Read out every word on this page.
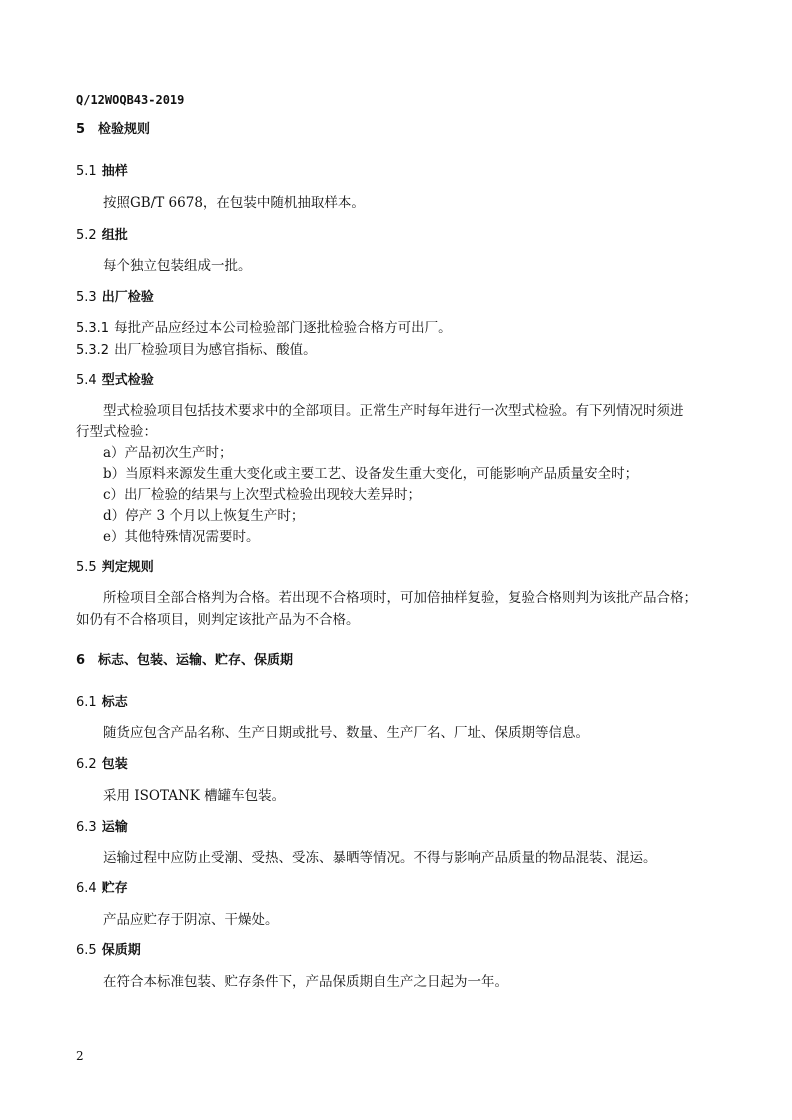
Q/12WOQB43-2019
5 检验规则
5.1 抽样
按照GB/T 6678，在包装中随机抽取样本。
5.2 组批
每个独立包装组成一批。
5.3 出厂检验
5.3.1 每批产品应经过本公司检验部门逐批检验合格方可出厂。
5.3.2 出厂检验项目为感官指标、酸值。
5.4 型式检验
型式检验项目包括技术要求中的全部项目。正常生产时每年进行一次型式检验。有下列情况时须进
行型式检验：
a）产品初次生产时；
b）当原料来源发生重大变化或主要工艺、设备发生重大变化，可能影响产品质量安全时；
c）出厂检验的结果与上次型式检验出现较大差异时；
d）停产 3 个月以上恢复生产时；
e）其他特殊情况需要时。
5.5 判定规则
所检项目全部合格判为合格。若出现不合格项时，可加倍抽样复验，复验合格则判为该批产品合格；
如仍有不合格项目，则判定该批产品为不合格。
6 标志、包装、运输、贮存、保质期
6.1 标志
随货应包含产品名称、生产日期或批号、数量、生产厂名、厂址、保质期等信息。
6.2 包装
采用 ISOTANK 槽罐车包装。
6.3 运输
运输过程中应防止受潮、受热、受冻、暴晒等情况。不得与影响产品质量的物品混装、混运。
6.4 贮存
产品应贮存于阴凉、干燥处。
6.5 保质期
在符合本标准包装、贮存条件下，产品保质期自生产之日起为一年。
2
